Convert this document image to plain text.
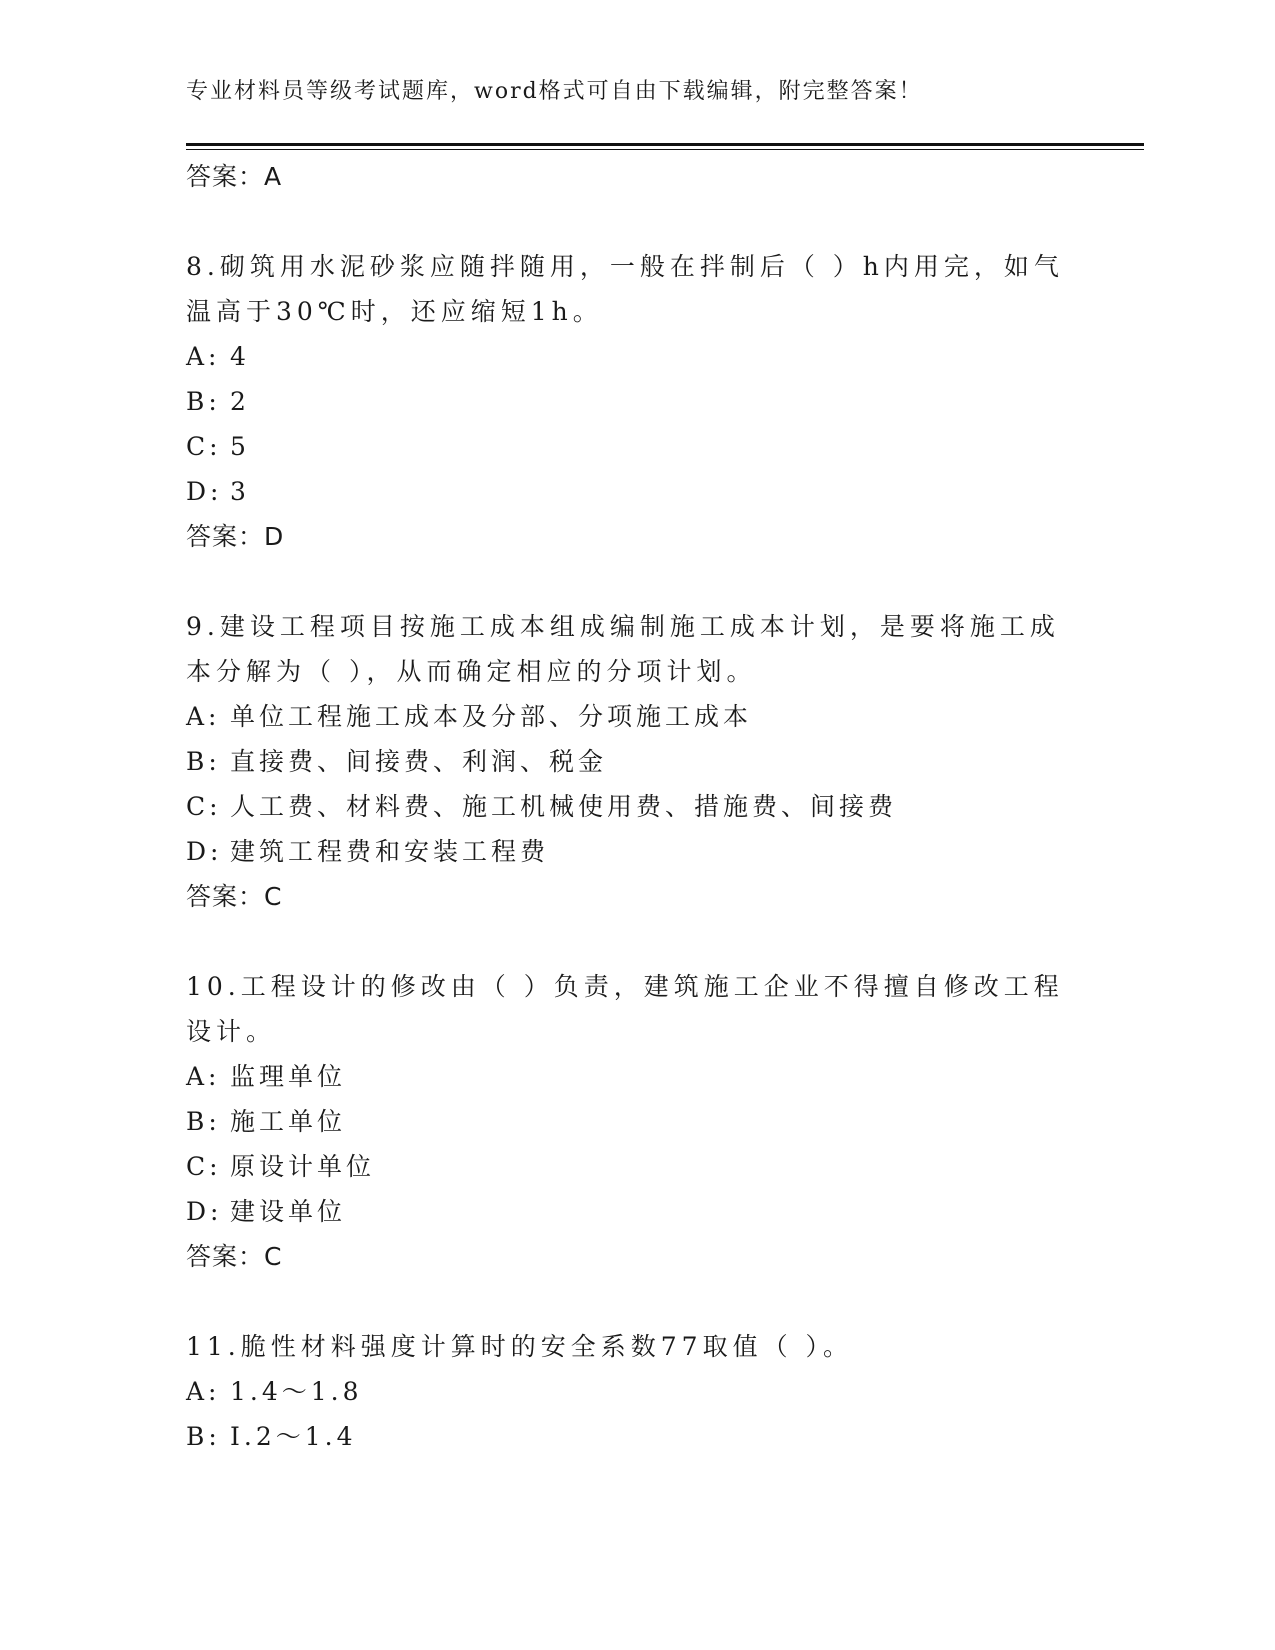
专业材料员等级考试题库，word格式可自由下载编辑，附完整答案！
答案：A
8.砌筑用水泥砂浆应随拌随用，一般在拌制后（ ）h内用完，如气温高于30℃时，还应缩短1h。
A: 4
B: 2
C: 5
D: 3
答案：D
9.建设工程项目按施工成本组成编制施工成本计划，是要将施工成本分解为（ ），从而确定相应的分项计划。
A: 单位工程施工成本及分部、分项施工成本
B: 直接费、间接费、利润、税金
C: 人工费、材料费、施工机械使用费、措施费、间接费
D: 建筑工程费和安装工程费
答案：C
10.工程设计的修改由（ ）负责，建筑施工企业不得擅自修改工程设计。
A: 监理单位
B: 施工单位
C: 原设计单位
D: 建设单位
答案：C
11.脆性材料强度计算时的安全系数77取值（ ）。
A: 1.4～1.8
B: I.2～1.4
